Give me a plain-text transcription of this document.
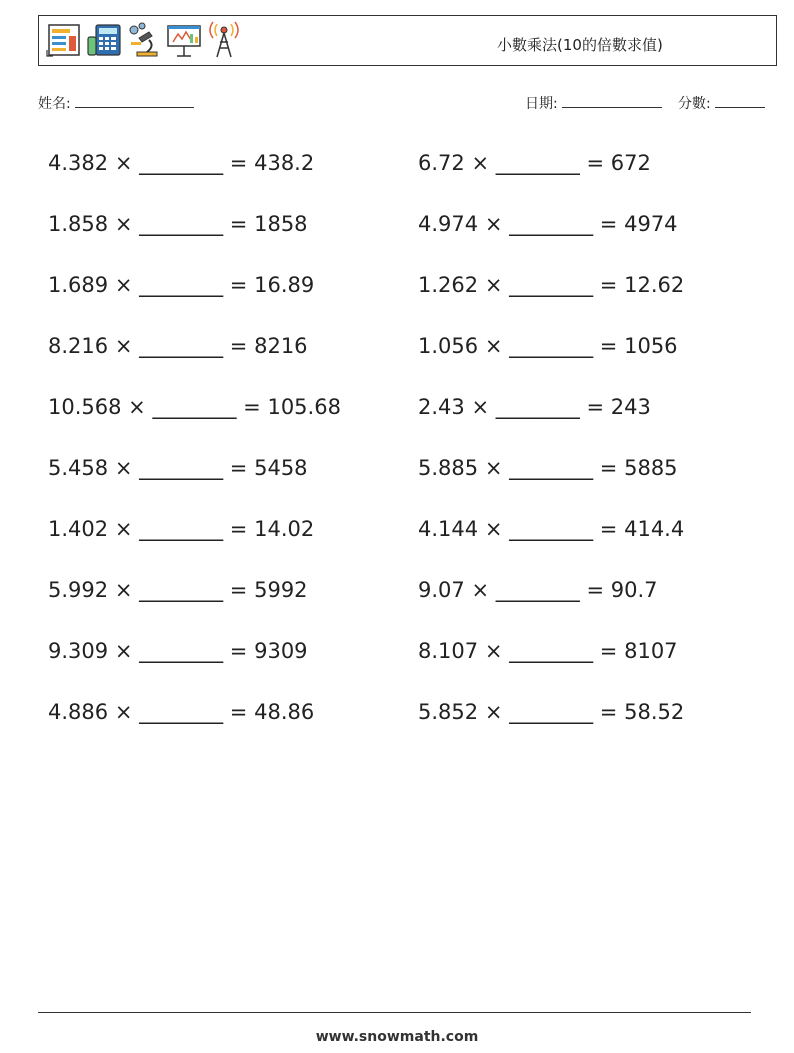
小數乘法(10的倍數求值)
姓名:	日期:	分數:
4.382 × ________ = 438.2
1.858 × ________ = 1858
1.689 × ________ = 16.89
8.216 × ________ = 8216
10.568 × ________ = 105.68
5.458 × ________ = 5458
1.402 × ________ = 14.02
5.992 × ________ = 5992
9.309 × ________ = 9309
4.886 × ________ = 48.86
6.72 × ________ = 672
4.974 × ________ = 4974
1.262 × ________ = 12.62
1.056 × ________ = 1056
2.43 × ________ = 243
5.885 × ________ = 5885
4.144 × ________ = 414.4
9.07 × ________ = 90.7
8.107 × ________ = 8107
5.852 × ________ = 58.52
www.snowmath.com
